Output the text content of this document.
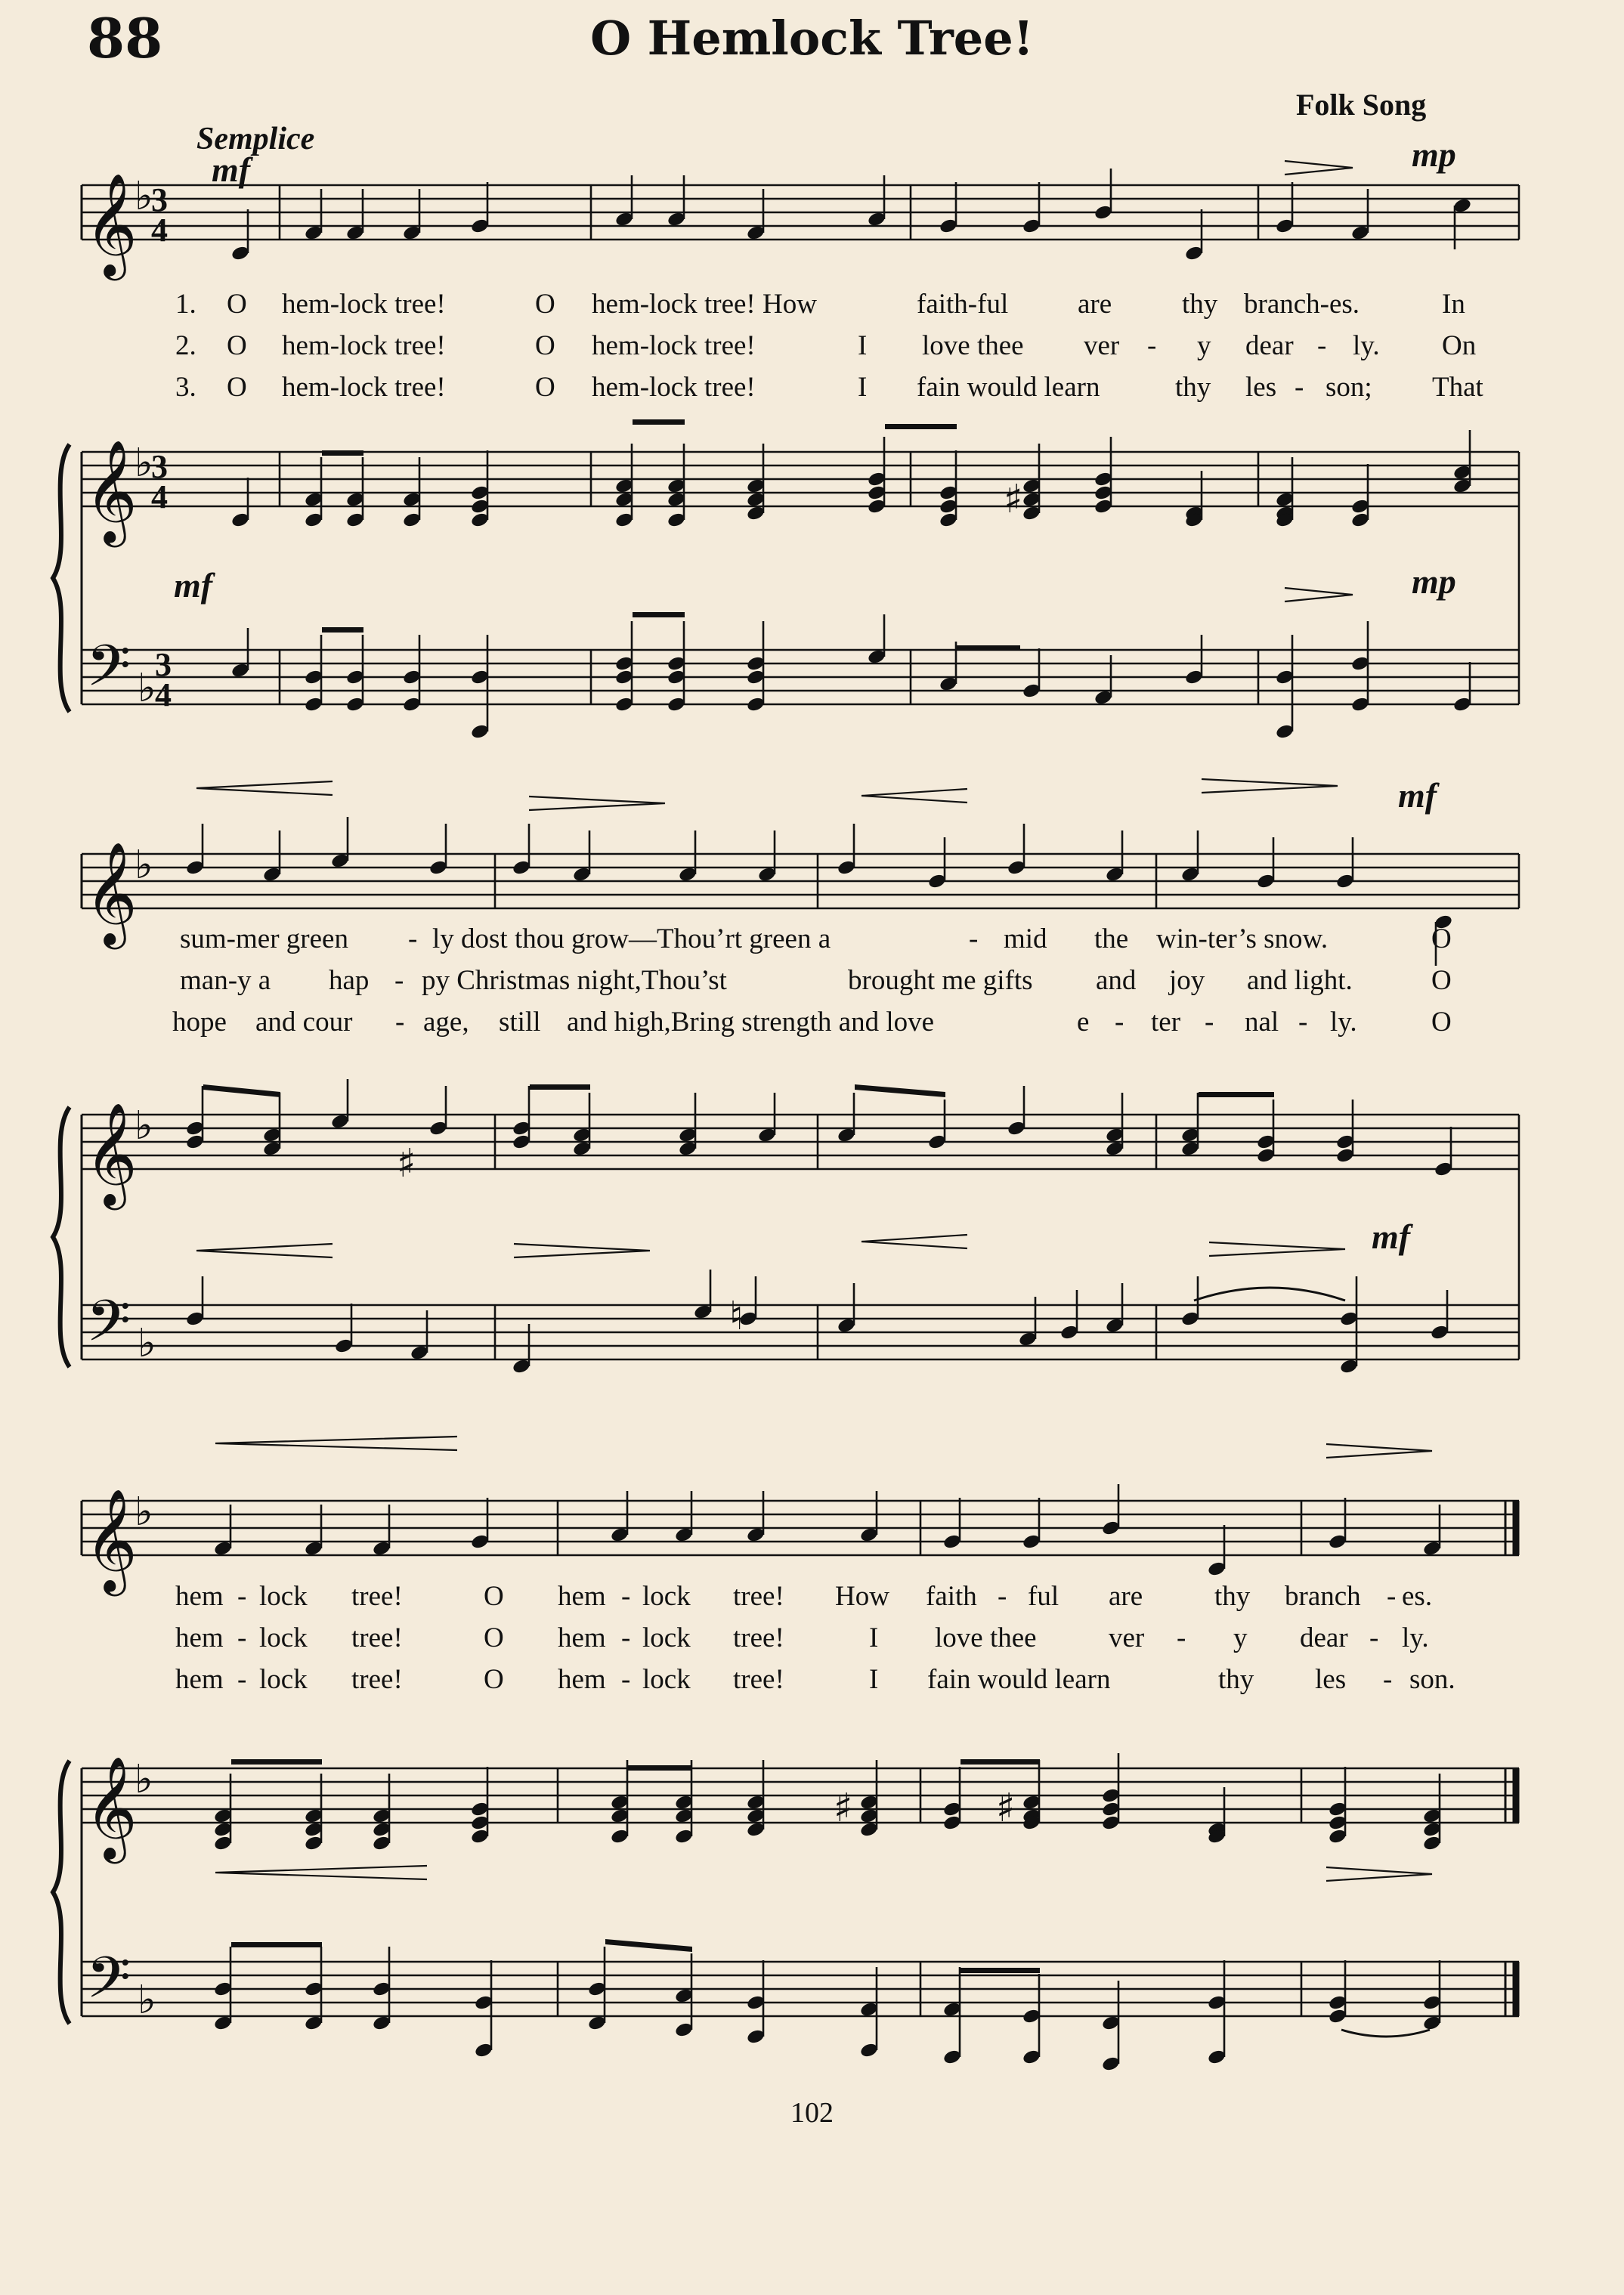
88	O Hemlock Tree!
Folk Song
Semplice
𝄞
♭
3
4
𝄞
♭
3
4
𝄢 ♭
3
4
mf	mp
mf	mp
♯
1. O hem-lock tree!	O hem-lock tree! How	faith-ful are	thy branch-es.	In
2. O hem-lock tree!	O hem-lock tree!	I love thee ver - y dear - ly. On
3. O hem-lock tree!	O hem-lock tree!	I fain would learn	thy les - son; That
𝄞
♭
𝄞
♭
𝄢 ♭
mf
mf
♯
♮
sum-mer green - ly dost thou grow—Thou’rt green a	- mid the win-ter’s snow.	O
man-y a hap - py Christmas night,Thou’st	brought me gifts and joy and light.	O
hope and cour - age, still and high,Bring strength and love	e - ter - nal - ly.	O
𝄞
♭
𝄞
♭
𝄢 ♭
♯	♯
hem - lock tree!	O hem - lock tree! How faith - ful are	thy branch - es.
hem - lock tree!	O hem - lock tree!	I love thee	ver - y dear - ly.
hem - lock tree!	O hem - lock tree!	I fain would learn	thy les - son.
102
